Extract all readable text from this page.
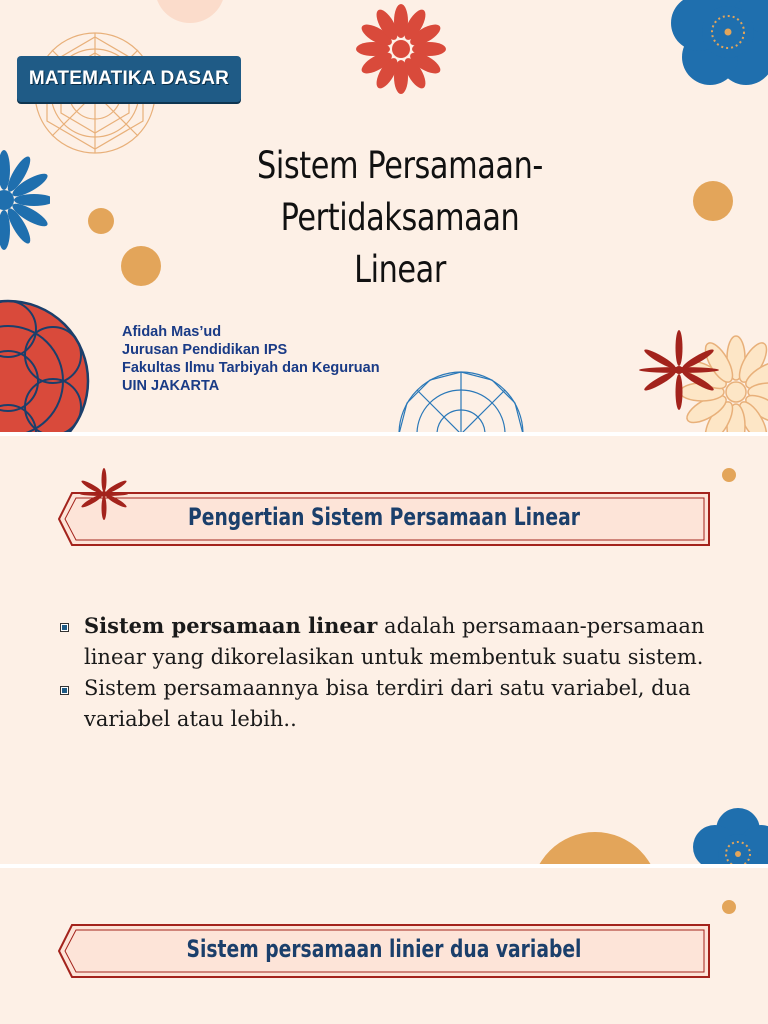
MATEMATIKA DASAR
Sistem Persamaan-Pertidaksamaan
Linear
Afidah Mas’ud
Jurusan Pendidikan IPS
Fakultas Ilmu Tarbiyah dan Keguruan
UIN JAKARTA
Pengertian Sistem Persamaan Linear
Sistem persamaan linear adalah persamaan-persamaan linear yang dikorelasikan untuk membentuk suatu sistem.
Sistem persamaannya bisa terdiri dari satu variabel, dua variabel atau lebih..
Sistem persamaan linier dua variabel
